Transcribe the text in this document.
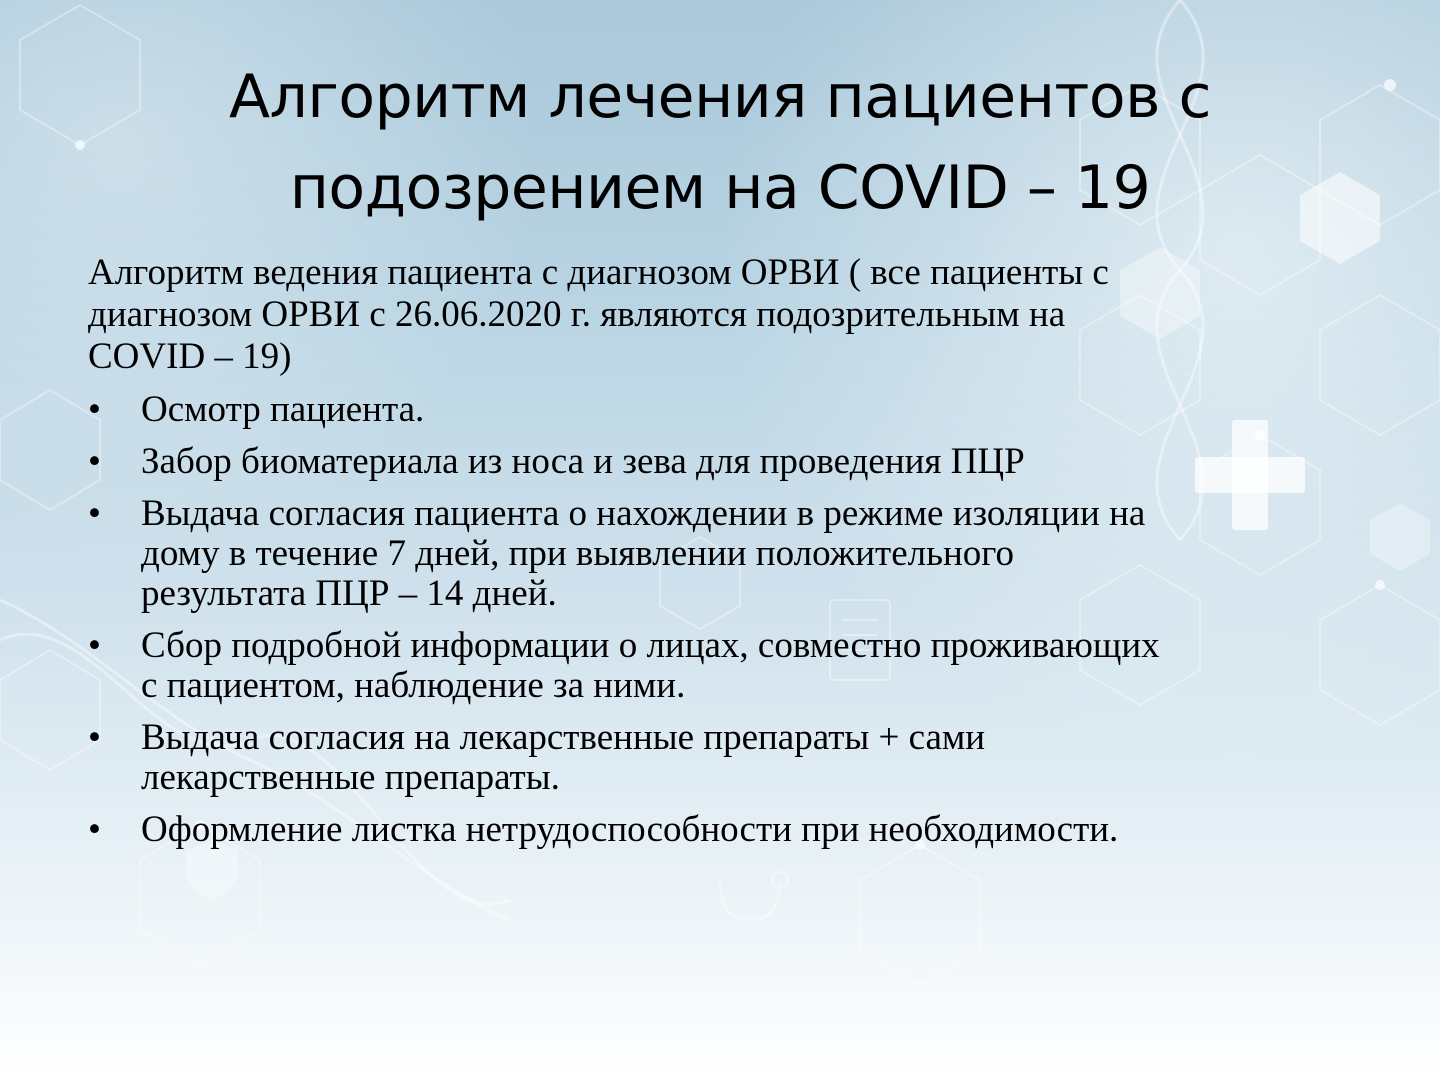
Алгоритм лечения пациентов с
подозрением на COVID – 19

Алгоритм ведения пациента с диагнозом ОРВИ ( все пациенты с
диагнозом ОРВИ с 26.06.2020 г. являются подозрительным на
COVID – 19)

•	Осмотр пациента.
•	Забор биоматериала из носа и зева для проведения ПЦР
•	Выдача согласия пациента о нахождении в режиме изоляции на
дому в течение 7 дней, при выявлении положительного
результата ПЦР – 14 дней.
•	Сбор подробной информации о лицах, совместно проживающих
с пациентом, наблюдение за ними.
•	Выдача согласия на лекарственные препараты + сами
лекарственные препараты.
•	Оформление листка нетрудоспособности при необходимости.
